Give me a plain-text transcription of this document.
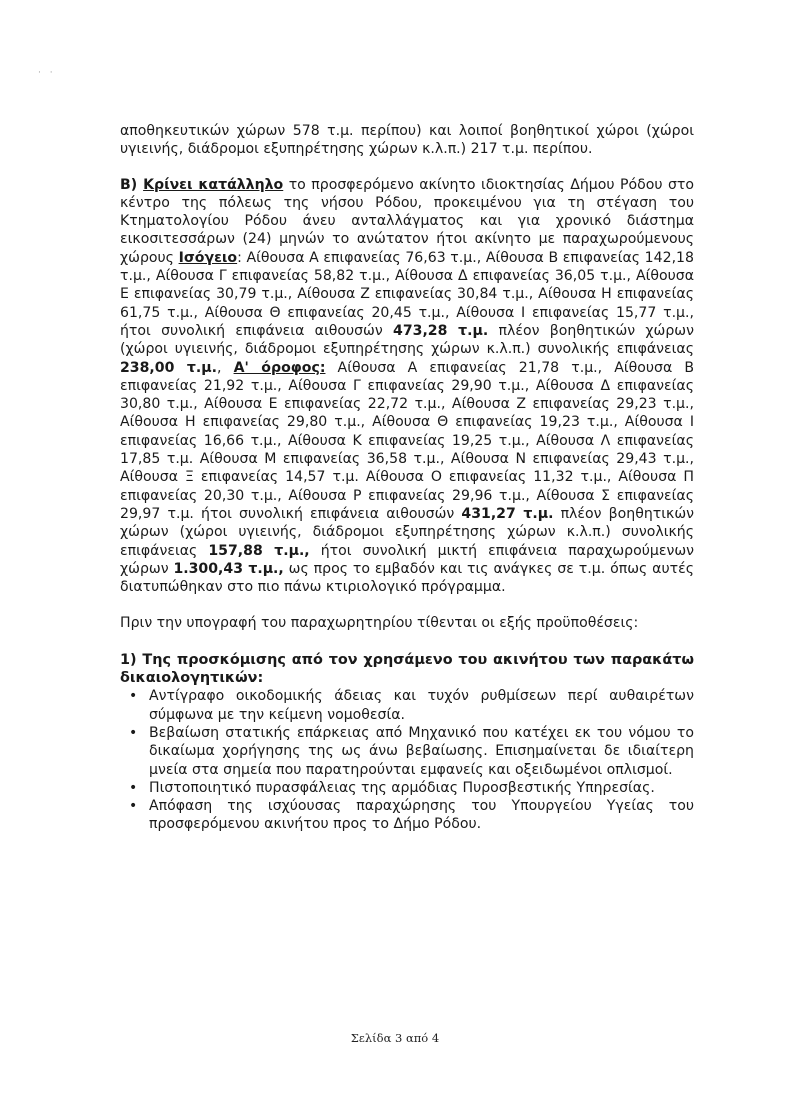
· ·

αποθηκευτικών χώρων 578 τ.μ. περίπου) και λοιποί βοηθητικοί χώροι (χώροι υγιεινής, διάδρομοι εξυπηρέτησης χώρων κ.λ.π.) 217 τ.μ. περίπου.

Β) Κρίνει κατάλληλο το προσφερόμενο ακίνητο ιδιοκτησίας Δήμου Ρόδου στο κέντρο της πόλεως της νήσου Ρόδου, προκειμένου για τη στέγαση του Κτηματολογίου Ρόδου άνευ ανταλλάγματος και για χρονικό διάστημα εικοσιτεσσάρων (24) μηνών το ανώτατον ήτοι ακίνητο με παραχωρούμενους χώρους Ισόγειο: Αίθουσα Α επιφανείας 76,63 τ.μ., Αίθουσα Β επιφανείας 142,18 τ.μ., Αίθουσα Γ επιφανείας 58,82 τ.μ., Αίθουσα Δ επιφανείας 36,05 τ.μ., Αίθουσα Ε επιφανείας 30,79 τ.μ., Αίθουσα Ζ επιφανείας 30,84 τ.μ., Αίθουσα Η επιφανείας 61,75 τ.μ., Αίθουσα Θ επιφανείας 20,45 τ.μ., Αίθουσα Ι επιφανείας 15,77 τ.μ., ήτοι συνολική επιφάνεια αιθουσών 473,28 τ.μ. πλέον βοηθητικών χώρων (χώροι υγιεινής, διάδρομοι εξυπηρέτησης χώρων κ.λ.π.) συνολικής επιφάνειας 238,00 τ.μ., Α' όροφος: Αίθουσα Α επιφανείας 21,78 τ.μ., Αίθουσα Β επιφανείας 21,92 τ.μ., Αίθουσα Γ επιφανείας 29,90 τ.μ., Αίθουσα Δ επιφανείας 30,80 τ.μ., Αίθουσα Ε επιφανείας 22,72 τ.μ., Αίθουσα Ζ επιφανείας 29,23 τ.μ., Αίθουσα Η επιφανείας 29,80 τ.μ., Αίθουσα Θ επιφανείας 19,23 τ.μ., Αίθουσα Ι επιφανείας 16,66 τ.μ., Αίθουσα Κ επιφανείας 19,25 τ.μ., Αίθουσα Λ επιφανείας 17,85 τ.μ. Αίθουσα Μ επιφανείας 36,58 τ.μ., Αίθουσα Ν επιφανείας 29,43 τ.μ., Αίθουσα Ξ επιφανείας 14,57 τ.μ. Αίθουσα Ο επιφανείας 11,32 τ.μ., Αίθουσα Π επιφανείας 20,30 τ.μ., Αίθουσα Ρ επιφανείας 29,96 τ.μ., Αίθουσα Σ επιφανείας 29,97 τ.μ. ήτοι συνολική επιφάνεια αιθουσών 431,27 τ.μ. πλέον βοηθητικών χώρων (χώροι υγιεινής, διάδρομοι εξυπηρέτησης χώρων κ.λ.π.) συνολικής επιφάνειας 157,88 τ.μ., ήτοι συνολική μικτή επιφάνεια παραχωρούμενων χώρων 1.300,43 τ.μ., ως προς το εμβαδόν και τις ανάγκες σε τ.μ. όπως αυτές διατυπώθηκαν στο πιο πάνω κτιριολογικό πρόγραμμα.

Πριν την υπογραφή του παραχωρητηρίου τίθενται οι εξής προϋποθέσεις:

1) Της προσκόμισης από τον χρησάμενο του ακινήτου των παρακάτω δικαιολογητικών:

• Αντίγραφο οικοδομικής άδειας και τυχόν ρυθμίσεων περί αυθαιρέτων σύμφωνα με την κείμενη νομοθεσία.
• Βεβαίωση στατικής επάρκειας από Μηχανικό που κατέχει εκ του νόμου το δικαίωμα χορήγησης της ως άνω βεβαίωσης. Επισημαίνεται δε ιδιαίτερη μνεία στα σημεία που παρατηρούνται εμφανείς και οξειδωμένοι οπλισμοί.
• Πιστοποιητικό πυρασφάλειας της αρμόδιας Πυροσβεστικής Υπηρεσίας.
• Απόφαση της ισχύουσας παραχώρησης του Υπουργείου Υγείας του προσφερόμενου ακινήτου προς το Δήμο Ρόδου.
Σελίδα 3 από 4
